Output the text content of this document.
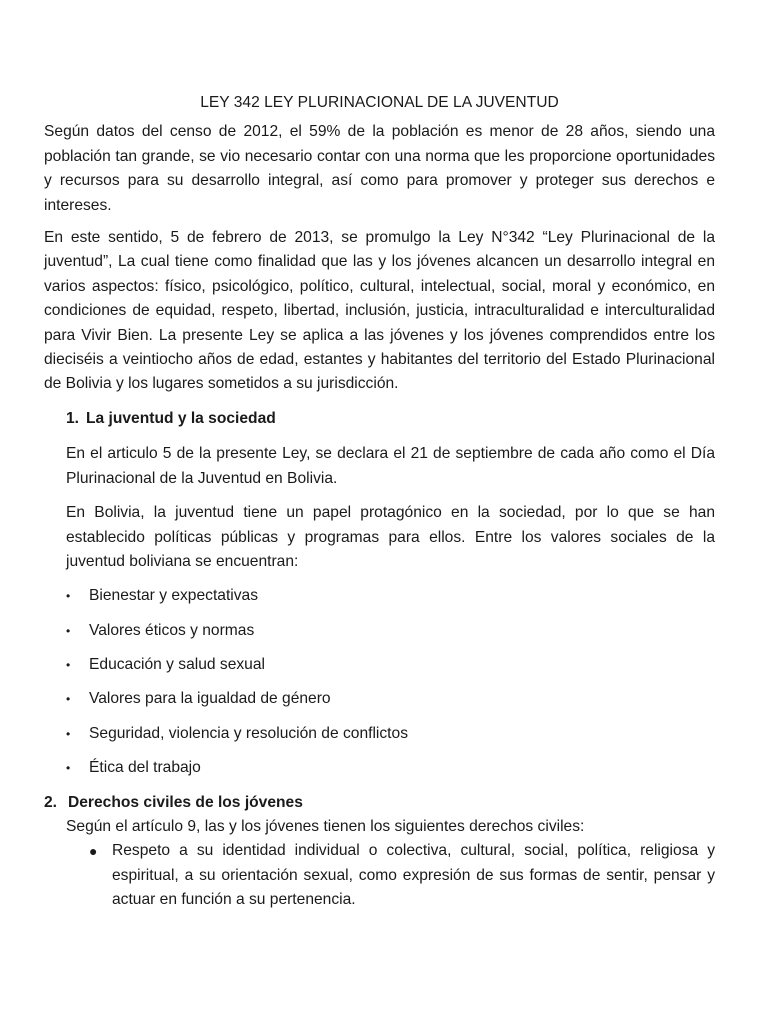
LEY 342 LEY PLURINACIONAL DE LA JUVENTUD

Según datos del censo de 2012, el 59% de la población es menor de 28 años, siendo una población tan grande, se vio necesario contar con una norma que les proporcione oportunidades y recursos para su desarrollo integral, así como para promover y proteger sus derechos e intereses.

En este sentido, 5 de febrero de 2013, se promulgo la Ley N°342 “Ley Plurinacional de la juventud”, La cual tiene como finalidad que las y los jóvenes alcancen un desarrollo integral en varios aspectos: físico, psicológico, político, cultural, intelectual, social, moral y económico, en condiciones de equidad, respeto, libertad, inclusión, justicia, intraculturalidad e interculturalidad para Vivir Bien. La presente Ley se aplica a las jóvenes y los jóvenes comprendidos entre los dieciséis a veintiocho años de edad, estantes y habitantes del territorio del Estado Plurinacional de Bolivia y los lugares sometidos a su jurisdicción.

1. La juventud y la sociedad

En el articulo 5 de la presente Ley, se declara el 21 de septiembre de cada año como el Día Plurinacional de la Juventud en Bolivia.

En Bolivia, la juventud tiene un papel protagónico en la sociedad, por lo que se han establecido políticas públicas y programas para ellos. Entre los valores sociales de la juventud boliviana se encuentran:

• Bienestar y expectativas
• Valores éticos y normas
• Educación y salud sexual
• Valores para la igualdad de género
• Seguridad, violencia y resolución de conflictos
• Ética del trabajo
2. Derechos civiles de los jóvenes

Según el artículo 9, las y los jóvenes tienen los siguientes derechos civiles:

● Respeto a su identidad individual o colectiva, cultural, social, política, religiosa y espiritual, a su orientación sexual, como expresión de sus formas de sentir, pensar y actuar en función a su pertenencia.
